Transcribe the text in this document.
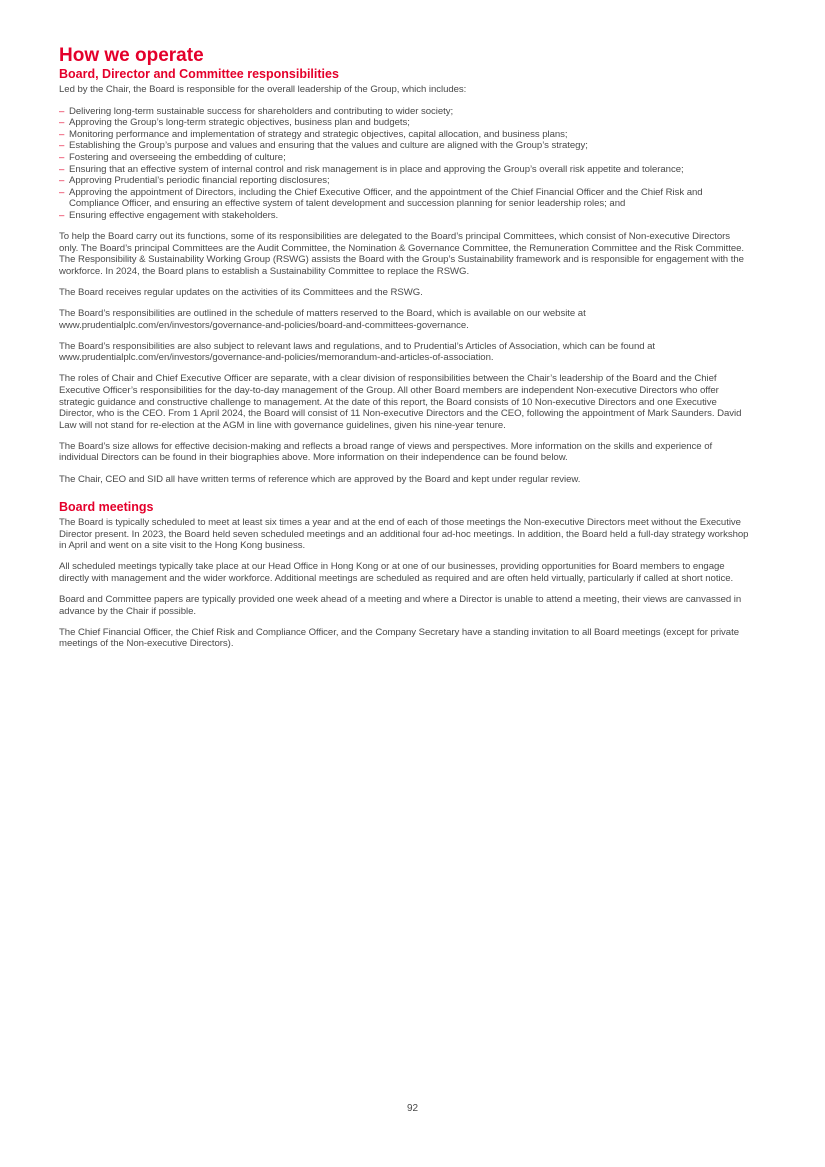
How we operate
Board, Director and Committee responsibilities

Led by the Chair, the Board is responsible for the overall leadership of the Group, which includes:

– Delivering long-term sustainable success for shareholders and contributing to wider society;
– Approving the Group’s long-term strategic objectives, business plan and budgets;
– Monitoring performance and implementation of strategy and strategic objectives, capital allocation, and business plans;
– Establishing the Group’s purpose and values and ensuring that the values and culture are aligned with the Group’s strategy;
– Fostering and overseeing the embedding of culture;
– Ensuring that an effective system of internal control and risk management is in place and approving the Group’s overall risk appetite and tolerance;
– Approving Prudential’s periodic financial reporting disclosures;
– Approving the appointment of Directors, including the Chief Executive Officer, and the appointment of the Chief Financial Officer and the Chief Risk and Compliance Officer, and ensuring an effective system of talent development and succession planning for senior leadership roles; and
– Ensuring effective engagement with stakeholders.

To help the Board carry out its functions, some of its responsibilities are delegated to the Board’s principal Committees, which consist of Non-executive Directors only. The Board’s principal Committees are the Audit Committee, the Nomination & Governance Committee, the Remuneration Committee and the Risk Committee. The Responsibility & Sustainability Working Group (RSWG) assists the Board with the Group’s Sustainability framework and is responsible for engagement with the workforce. In 2024, the Board plans to establish a Sustainability Committee to replace the RSWG.

The Board receives regular updates on the activities of its Committees and the RSWG.

The Board’s responsibilities are outlined in the schedule of matters reserved to the Board, which is available on our website at www.prudentialplc.com/en/investors/governance-and-policies/board-and-committees-governance.

The Board’s responsibilities are also subject to relevant laws and regulations, and to Prudential’s Articles of Association, which can be found at www.prudentialplc.com/en/investors/governance-and-policies/memorandum-and-articles-of-association.

The roles of Chair and Chief Executive Officer are separate, with a clear division of responsibilities between the Chair’s leadership of the Board and the Chief Executive Officer’s responsibilities for the day-to-day management of the Group. All other Board members are independent Non-executive Directors who offer strategic guidance and constructive challenge to management. At the date of this report, the Board consists of 10 Non-executive Directors and one Executive Director, who is the CEO. From 1 April 2024, the Board will consist of 11 Non-executive Directors and the CEO, following the appointment of Mark Saunders. David Law will not stand for re-election at the AGM in line with governance guidelines, given his nine-year tenure.

The Board’s size allows for effective decision-making and reflects a broad range of views and perspectives. More information on the skills and experience of individual Directors can be found in their biographies above. More information on their independence can be found below.

The Chair, CEO and SID all have written terms of reference which are approved by the Board and kept under regular review.

Board meetings

The Board is typically scheduled to meet at least six times a year and at the end of each of those meetings the Non-executive Directors meet without the Executive Director present. In 2023, the Board held seven scheduled meetings and an additional four ad-hoc meetings. In addition, the Board held a full-day strategy workshop in April and went on a site visit to the Hong Kong business.

All scheduled meetings typically take place at our Head Office in Hong Kong or at one of our businesses, providing opportunities for Board members to engage directly with management and the wider workforce. Additional meetings are scheduled as required and are often held virtually, particularly if called at short notice.

Board and Committee papers are typically provided one week ahead of a meeting and where a Director is unable to attend a meeting, their views are canvassed in advance by the Chair if possible.

The Chief Financial Officer, the Chief Risk and Compliance Officer, and the Company Secretary have a standing invitation to all Board meetings (except for private meetings of the Non-executive Directors).

92
